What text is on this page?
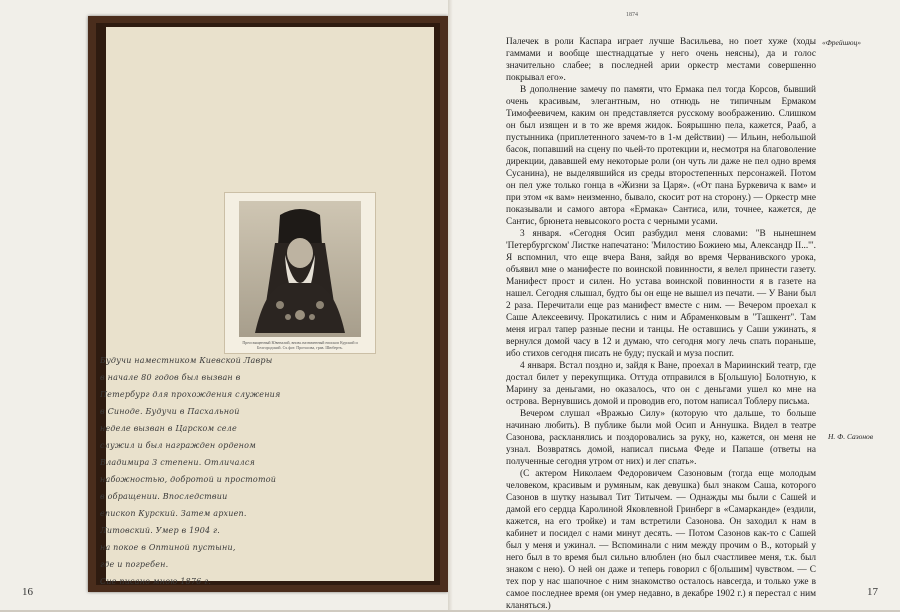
Преосвященный Ювеналий, вновь назначенный епископ Курский и Белгородский. Съ фот. Протасова, грав. Шюбертъ.
Будучи наместником Киевской Лавры
в начале 80 годов был вызван в
Петербург для прохождения служения
в Синоде. Будучи в Пасхальной
неделе вызван в Царском селе
служил и был награжден орденом
Владимира 3 степени. Отличался
набожностью, добротой и простотой
в обращении. Впоследствии
епископ Курский. Затем архиеп.
Литовский. Умер в 1904 г.
на покое в Оптиной пустыни,
где и погребен.
Сие писано мною 1876 г.
16
1874
«Фрейшюц»
Н. Ф. Сазонов

Палечек в роли Каспара играет лучше Васильева, но поет хуже (ходы гаммами и вообще шестнадцатые у него очень неясны), да и голос значительно слабее; в последней арии оркестр местами совершенно покрывал его».

В дополнение замечу по памяти, что Ермака пел тогда Корсов, бывший очень красивым, элегантным, но отнюдь не типичным Ермаком Тимофеевичем, каким он представляется русскому воображению. Слишком он был изящен и в то же время жидок. Боярышню пела, кажется, Рааб, а пустынника (приплетенного зачем-то в 1-м действии) — Ильин, небольшой басок, попавший на сцену по чьей-то протекции и, несмотря на благоволение дирекции, дававшей ему некоторые роли (он чуть ли даже не пел одно время Сусанина), не выделявшийся из среды второстепенных персонажей. Потом он пел уже только гонца в «Жизни за Царя». («От пана Буркевича к вам» и при этом «к вам» неизменно, бывало, скосит рот на сторону.) — Оркестр мне показывали и самого автора «Ермака» Сантиса, или, точнее, кажется, де Сантис, брюнета невысокого роста с черными усами.

3 января. «Сегодня Осип разбудил меня словами: "В нынешнем 'Петербургском' Листке напечатано: 'Милостию Божиею мы, Александр II...'". Я вспомнил, что еще вчера Ваня, зайдя во время Черванивского урока, объявил мне о манифесте по воинской повинности, я велел принести газету. Манифест прост и силен. Но устава воинской повинности я в газете на нашел. Сегодня слышал, будто бы он еще не вышел из печати. — У Вани был 2 раза. Перечитали еще раз манифест вместе с ним. — Вечером проехал к Саше Алексеевичу. Прокатились с ним и Абраменковым в "Ташкент". Там меня играл тапер разные песни и танцы. Не оставшись у Саши ужинать, я вернулся домой часу в 12 и думаю, что сегодня могу лечь спать пораньше, ибо стихов сегодня писать не буду; пускай и муза поспит.

4 января. Встал поздно и, зайдя к Ване, проехал в Мариинский театр, где достал билет у перекупщика. Оттуда отправился в Б[ольшую] Болотную, к Марину за деньгами, но оказалось, что он с деньгами ушел ко мне на острова. Вернувшись домой и проводив его, потом написал Тоблеру письма.

Вечером слушал «Вражью Силу» (которую что дальше, то больше начинаю любить). В публике были мой Осип и Аннушка. Видел в театре Сазонова, раскланялись и поздоровались за руку, но, кажется, он меня не узнал. Возвратясь домой, написал письма Феде и Папаше (ответы на полученные сегодня утром от них) и лег спать».

(С актером Николаем Федоровичем Сазоновым (тогда еще молодым человеком, красивым и румяным, как девушка) был знаком Саша, которого Сазонов в шутку называл Тит Титычем. — Однажды мы были с Сашей и дамой его сердца Каролиной Яковлевной Гринберг в «Самарканде» (ездили, кажется, на его тройке) и там встретили Сазонова. Он заходил к нам в кабинет и посидел с нами минут десять. — Потом Сазонов как-то с Сашей был у меня и ужинал. — Вспоминали с ним между прочим о В., который у него был в то время был сильно влюблен (но был счастливее меня, т.к. был знаком с нею). О ней он даже и теперь говорил с б[ольшим] чувством. — С тех пор у нас шапочное с ним знакомство осталось навсегда, и только уже в самое последнее время (он умер недавно, в декабре 1902 г.) я перестал с ним кланяться.)

17
